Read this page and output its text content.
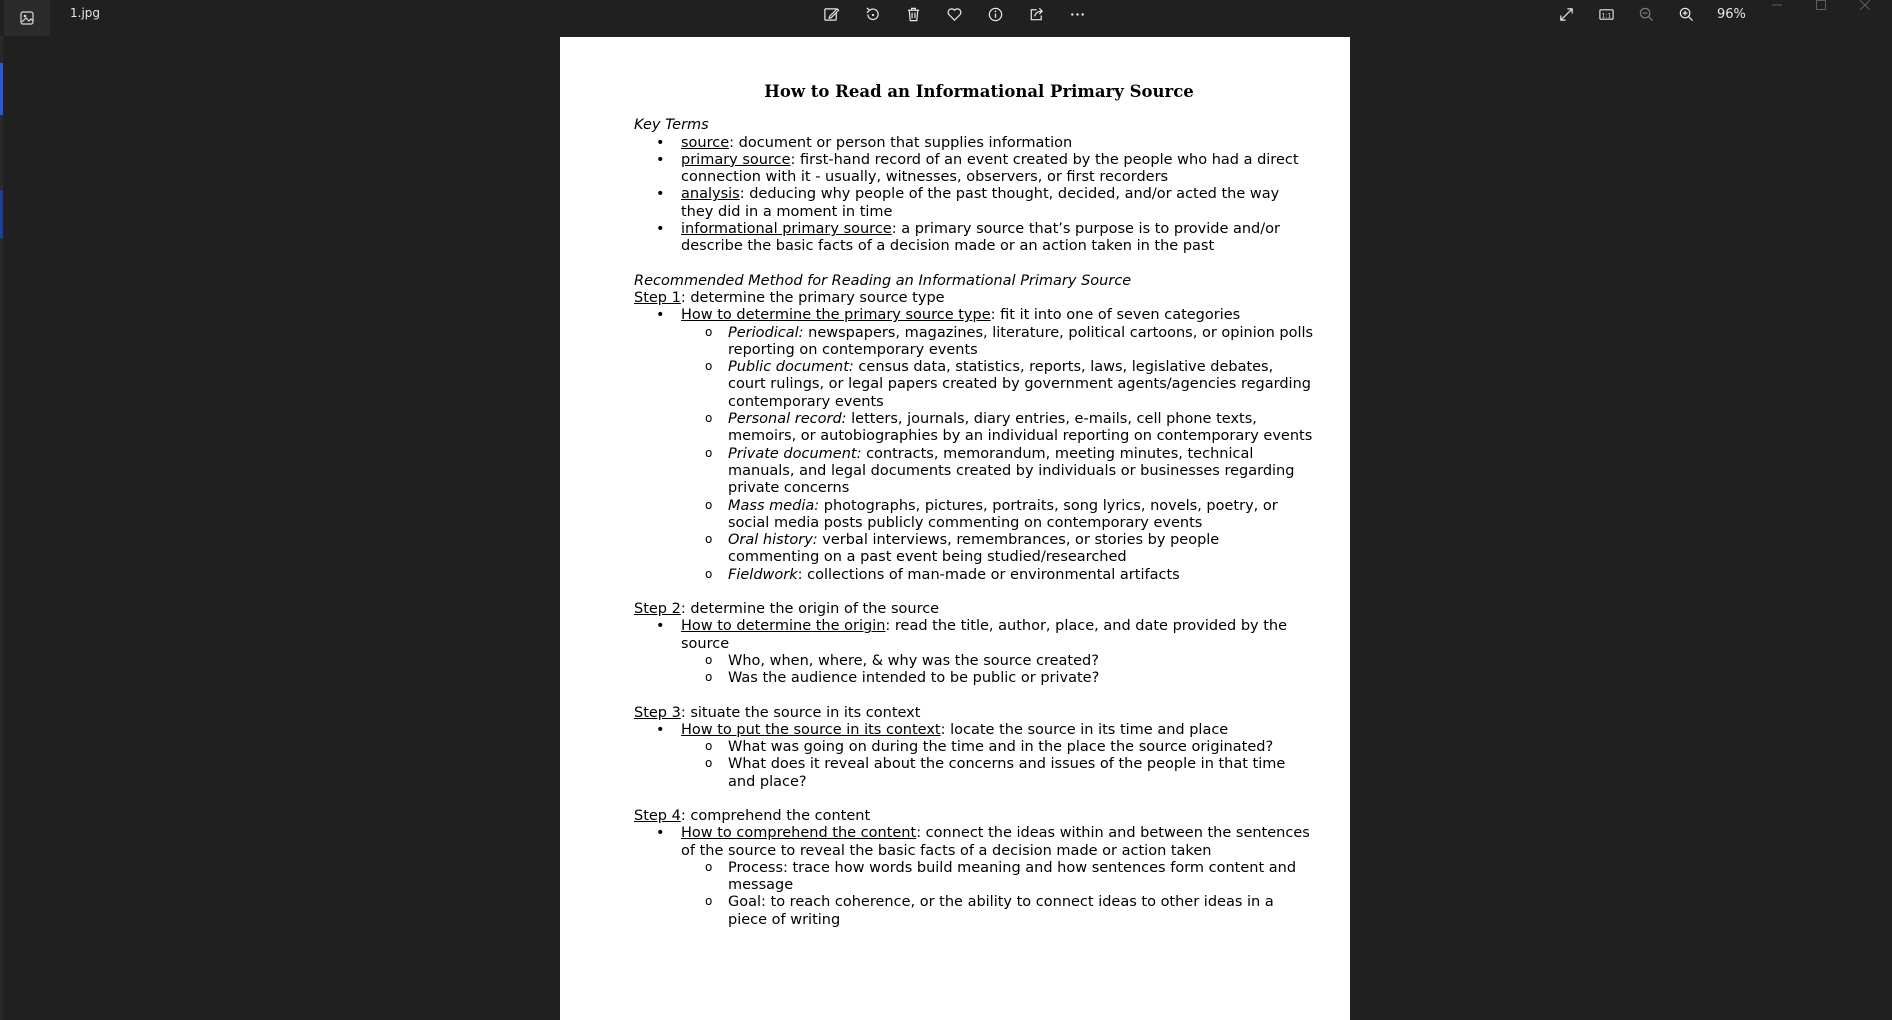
1.jpg	1:1	96%
How to Read an Informational Primary Source
Key Terms
• source: document or person that supplies information
• primary source: first-hand record of an event created by the people who had a direct connection with it - usually, witnesses, observers, or first recorders
• analysis: deducing why people of the past thought, decided, and/or acted the way they did in a moment in time
• informational primary source: a primary source that’s purpose is to provide and/or describe the basic facts of a decision made or an action taken in the past
Recommended Method for Reading an Informational Primary Source
Step 1: determine the primary source type
• How to determine the primary source type: fit it into one of seven categories
o Periodical: newspapers, magazines, literature, political cartoons, or opinion polls reporting on contemporary events
o Public document: census data, statistics, reports, laws, legislative debates, court rulings, or legal papers created by government agents/agencies regarding contemporary events
o Personal record: letters, journals, diary entries, e-mails, cell phone texts, memoirs, or autobiographies by an individual reporting on contemporary events
o Private document: contracts, memorandum, meeting minutes, technical manuals, and legal documents created by individuals or businesses regarding private concerns
o Mass media: photographs, pictures, portraits, song lyrics, novels, poetry, or social media posts publicly commenting on contemporary events
o Oral history: verbal interviews, remembrances, or stories by people commenting on a past event being studied/researched
o Fieldwork: collections of man-made or environmental artifacts
Step 2: determine the origin of the source
• How to determine the origin: read the title, author, place, and date provided by the source
o Who, when, where, & why was the source created?
o Was the audience intended to be public or private?
Step 3: situate the source in its context
• How to put the source in its context: locate the source in its time and place
o What was going on during the time and in the place the source originated?
o What does it reveal about the concerns and issues of the people in that time and place?
Step 4: comprehend the content
• How to comprehend the content: connect the ideas within and between the sentences of the source to reveal the basic facts of a decision made or action taken
o Process: trace how words build meaning and how sentences form content and message
o Goal: to reach coherence, or the ability to connect ideas to other ideas in a piece of writing
